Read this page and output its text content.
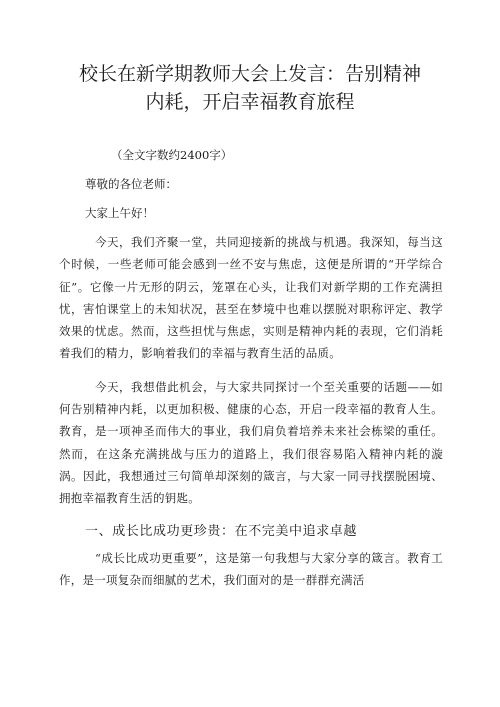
校长在新学期教师大会上发言：告别精神
内耗，开启幸福教育旅程
（全文字数约2400字）
尊敬的各位老师：
大家上午好！

今天，我们齐聚一堂，共同迎接新的挑战与机遇。我深知，每当这个时候，一些老师可能会感到一丝不安与焦虑，这便是所谓的“开学综合征”。它像一片无形的阴云，笼罩在心头，让我们对新学期的工作充满担忧，害怕课堂上的未知状况，甚至在梦境中也难以摆脱对职称评定、教学效果的忧虑。然而，这些担忧与焦虑，实则是精神内耗的表现，它们消耗着我们的精力，影响着我们的幸福与教育生活的品质。

今天，我想借此机会，与大家共同探讨一个至关重要的话题——如何告别精神内耗，以更加积极、健康的心态，开启一段幸福的教育人生。教育，是一项神圣而伟大的事业，我们肩负着培养未来社会栋梁的重任。然而，在这条充满挑战与压力的道路上，我们很容易陷入精神内耗的漩涡。因此，我想通过三句简单却深刻的箴言，与大家一同寻找摆脱困境、拥抱幸福教育生活的钥匙。

一、成长比成功更珍贵：在不完美中追求卓越

“成长比成功更重要”，这是第一句我想与大家分享的箴言。教育工作，是一项复杂而细腻的艺术，我们面对的是一群群充满活
